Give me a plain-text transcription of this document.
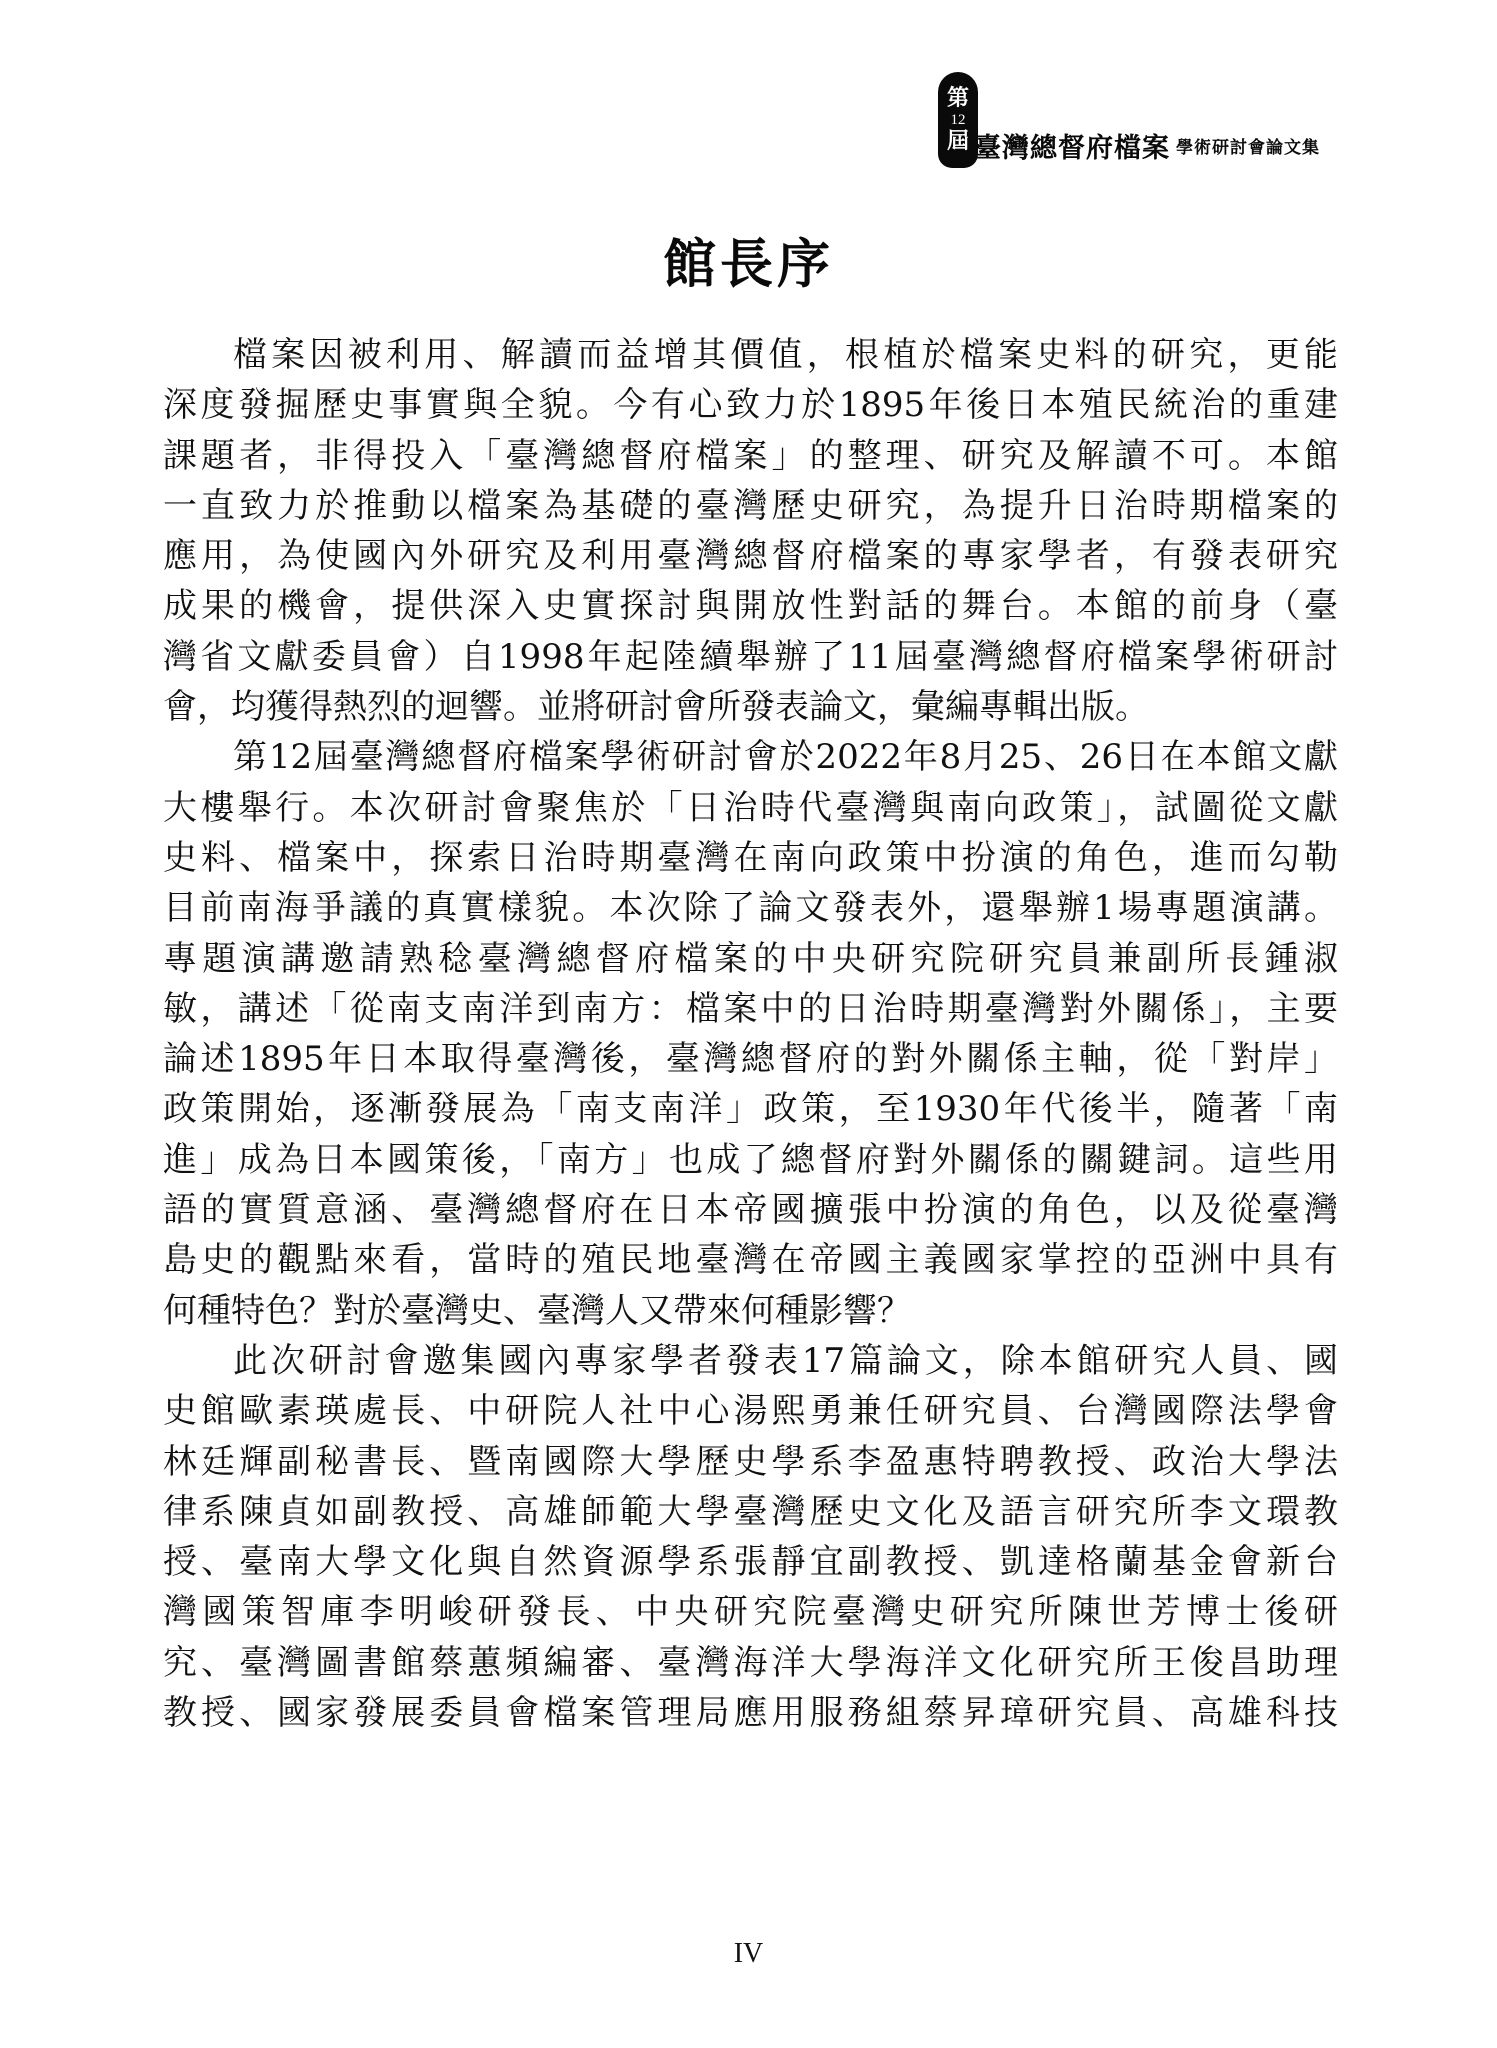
第
12
屆 臺灣總督府檔案 學術研討會論文集
館長序
檔案因被利用、解讀而益增其價值，根植於檔案史料的研究，更能
深度發掘歷史事實與全貌。今有心致力於1895年後日本殖民統治的重建
課題者，非得投入「臺灣總督府檔案」的整理、研究及解讀不可。本館
一直致力於推動以檔案為基礎的臺灣歷史研究，為提升日治時期檔案的
應用，為使國內外研究及利用臺灣總督府檔案的專家學者，有發表研究
成果的機會，提供深入史實探討與開放性對話的舞台。本館的前身（臺
灣省文獻委員會）自1998年起陸續舉辦了11屆臺灣總督府檔案學術研討
會，均獲得熱烈的迴響。並將研討會所發表論文，彙編專輯出版。
第12屆臺灣總督府檔案學術研討會於2022年8月25、26日在本館文獻
大樓舉行。本次研討會聚焦於「日治時代臺灣與南向政策」，試圖從文獻
史料、檔案中，探索日治時期臺灣在南向政策中扮演的角色，進而勾勒
目前南海爭議的真實樣貌。本次除了論文發表外，還舉辦1場專題演講。
專題演講邀請熟稔臺灣總督府檔案的中央研究院研究員兼副所長鍾淑
敏，講述「從南支南洋到南方：檔案中的日治時期臺灣對外關係」，主要
論述1895年日本取得臺灣後，臺灣總督府的對外關係主軸，從「對岸」
政策開始，逐漸發展為「南支南洋」政策，至1930年代後半，隨著「南
進」成為日本國策後，「南方」也成了總督府對外關係的關鍵詞。這些用
語的實質意涵、臺灣總督府在日本帝國擴張中扮演的角色，以及從臺灣
島史的觀點來看，當時的殖民地臺灣在帝國主義國家掌控的亞洲中具有
何種特色？對於臺灣史、臺灣人又帶來何種影響？
此次研討會邀集國內專家學者發表17篇論文，除本館研究人員、國
史館歐素瑛處長、中研院人社中心湯熙勇兼任研究員、台灣國際法學會
林廷輝副秘書長、暨南國際大學歷史學系李盈惠特聘教授、政治大學法
律系陳貞如副教授、高雄師範大學臺灣歷史文化及語言研究所李文環教
授、臺南大學文化與自然資源學系張靜宜副教授、凱達格蘭基金會新台
灣國策智庫李明峻研發長、中央研究院臺灣史研究所陳世芳博士後研
究、臺灣圖書館蔡蕙頻編審、臺灣海洋大學海洋文化研究所王俊昌助理
教授、國家發展委員會檔案管理局應用服務組蔡昇璋研究員、高雄科技
IV
